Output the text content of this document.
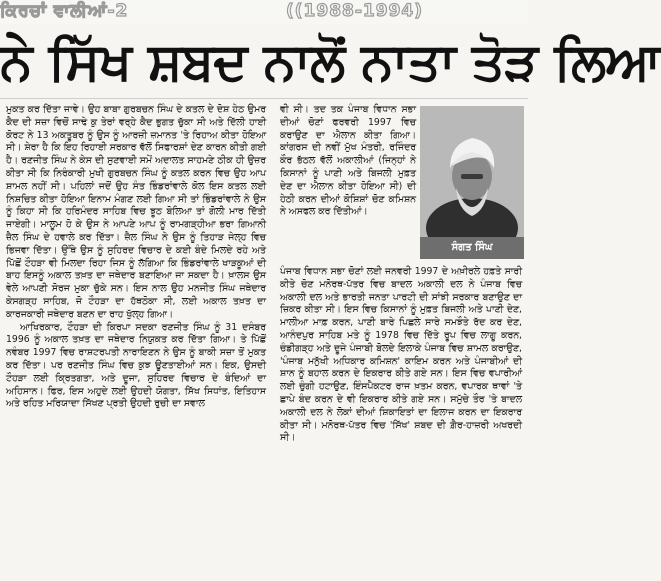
ਕਿਰਚਾਂ ਵਾਲੀਆਂ-2	((1988-1994)
ਨੇ ਸਿੱਖ ਸ਼ਬਦ ਨਾਲੋਂ ਨਾਤਾ ਤੋੜ ਲਿਆ

ਮੁਕਤ ਕਰ ਦਿੱਤਾ ਜਾਵੇ। ਉਹ ਬਾਬਾ ਗੁਰਬਚਨ ਸਿੰਘ ਦੇ ਕਤਲ ਦੇ ਦੋਸ਼ ਹੇਠ ਉਮਰ ਕੈਦ ਦੀ ਸਜ਼ਾ ਵਿਚੋਂ ਸਾਢੇ ਕੁ ਤੇਰਾਂ ਵਰ੍ਹੇ ਕੈਦ ਭੁਗਤ ਚੁੱਕਾ ਸੀ ਅਤੇ ਦਿੱਲੀ ਹਾਈ ਕੋਰਟ ਨੇ 13 ਅਕਤੂਬਰ ਨੂੰ ਉਸ ਨੂੰ ਆਰਜ਼ੀ ਜ਼ਮਾਨਤ 'ਤੇ ਰਿਹਾਅ ਕੀਤਾ ਹੋਇਆ ਸੀ। ਸ਼ੇਰਾ ਹੈ ਕਿ ਇਹ ਰਿਹਾਈ ਸਰਕਾਰ ਵੱਲੋਂ ਸਿਫਾਰਸ਼ਾਂ ਦੇਣ ਕਾਰਨ ਕੀਤੀ ਗਈ ਹੈ। ਰਣਜੀਤ ਸਿੰਘ ਨੇ ਕੇਸ ਦੀ ਸੁਣਵਾਈ ਸਮੇਂ ਅਦਾਲਤ ਸਾਹਮਣੇ ਠੀਕ ਹੀ ਉਜ਼ਰ ਕੀਤਾ ਸੀ ਕਿ ਨਿਰੰਕਾਰੀ ਮੁਖੀ ਗੁਰਬਚਨ ਸਿੰਘ ਨੂੰ ਕਤਲ ਕਰਨ ਵਿਚ ਉਹ ਆਪ ਸ਼ਾਮਲ ਨਹੀਂ ਸੀ। ਪਹਿਲਾਂ ਜਦੋਂ ਉਹ ਸੰਤ ਭਿੰਡਰਾਂਵਾਲੇ ਕੋਲ ਇਸ ਕਤਲ ਲਈ ਨਿਸ਼ਚਿਤ ਕੀਤਾ ਹੋਇਆ ਇਨਾਮ ਮੰਗਣ ਲਈ ਗਿਆ ਸੀ ਤਾਂ ਭਿੰਡਰਾਂਵਾਲੇ ਨੇ ਉਸ ਨੂੰ ਕਿਹਾ ਸੀ ਕਿ ਹਰਿਮੰਦਰ ਸਾਹਿਬ ਵਿਚ ਝੂਠ ਬੋਲਿਆ ਤਾਂ ਗੋਲੀ ਮਾਰ ਦਿੱਤੀ ਜਾਏਗੀ। ਮਾਲੂਮ ਹੋ ਕੇ ਉਸ ਨੇ ਆਪਣੇ ਆਪ ਨੂੰ ਰਾਮਗੜ੍ਹੀਆ ਭਰਾ ਗਿਆਨੀ ਜ਼ੈਲ ਸਿੰਘ ਦੇ ਹਵਾਲੇ ਕਰ ਦਿੱਤਾ। ਜ਼ੈਲ ਸਿੰਘ ਨੇ ਉਸ ਨੂੰ ਤਿਹਾੜ ਜੇਲ੍ਹ ਵਿਚ ਭਿਜਵਾ ਦਿੱਤਾ। ਉੱਥੇ ਉਸ ਨੂੰ ਸੁਹਿਰਦ ਵਿਚਾਰ ਦੇ ਕਈ ਬੰਦੇ ਮਿਲਦੇ ਰਹੇ ਅਤੇ ਪਿੱਛੋਂ ਟੌਹੜਾ ਵੀ ਮਿਲਦਾ ਰਿਹਾ ਜਿਸ ਨੂੰ ਲੱਗਿਆ ਕਿ ਭਿੰਡਰਾਂਵਾਲੇ ਖਾੜਕੂਆਂ ਦੀ ਬਾਹ ਇਸਨੂੰ ਅਕਾਲ ਤਖ਼ਤ ਦਾ ਜਥੇਦਾਰ ਬਣਾਇਆ ਜਾ ਸਕਦਾ ਹੈ। ਖ਼ਾਲਸ ਉਸ ਵੇਲੇ ਆਪਣੀ ਸੋਰਜ ਮੁਕਾ ਚੁੱਕੇ ਸਨ। ਇਸ ਨਾਲ ਉਹ ਮਨਜੀਤ ਸਿੰਘ ਜਥੇਦਾਰ ਕੇਸਗੜ੍ਹ ਸਾਹਿਬ, ਜੋ ਟੌਹੜਾ ਦਾ ਹੱਥਠੋਕਾ ਸੀ, ਲਈ ਅਕਾਲ ਤਖ਼ਤ ਦਾ ਕਾਰਜਕਾਰੀ ਜਥੇਦਾਰ ਬਣਨ ਦਾ ਰਾਹ ਖੁੱਲ੍ਹ ਗਿਆ।

ਆਖਿਰਕਾਰ, ਟੌਹੜਾ ਦੀ ਕਿਰਪਾ ਸਦਕਾ ਰਣਜੀਤ ਸਿੰਘ ਨੂੰ 31 ਦਸੰਬਰ 1996 ਨੂੰ ਅਕਾਲ ਤਖ਼ਤ ਦਾ ਜਥੇਦਾਰ ਨਿਯੁਕਤ ਕਰ ਦਿੱਤਾ ਗਿਆ। ਤੇ ਪਿੱਛੋਂ ਨਵੰਬਰ 1997 ਵਿਚ ਰਾਸ਼ਟਰਪਤੀ ਨਾਰਾਇਣਨ ਨੇ ਉਸ ਨੂੰ ਬਾਕੀ ਸਜ਼ਾ ਤੋਂ ਮੁਕਤ ਕਰ ਦਿੱਤਾ। ਪਰ ਰਣਜੀਤ ਸਿੰਘ ਵਿਚ ਕੁਝ ਊਣਤਾਈਆਂ ਸਨ। ਇਕ, ਉਸਦੀ ਟੌਹੜਾ ਲਈ ਕ੍ਰਿਤਗਤਾ, ਅਤੇ ਦੂਜਾ, ਸੁਹਿਰਦ ਵਿਚਾਰ ਦੇ ਬੰਦਿਆਂ ਦਾ ਅਹਿਸਾਨ। ਫਿਰ, ਇਸ ਅਹੁਦੇ ਲਈ ਉਹਦੀ ਯੋਗਤਾ, ਸਿੱਖ ਸਿਧਾਂਤ, ਇਤਿਹਾਸ ਅਤੇ ਰਹਿਤ ਮਰਿਯਾਦਾ ਸਿੱਖਣ ਪ੍ਰਤੀ ਉਹਦੀ ਰੁਚੀ ਦਾ ਸਵਾਲ

ਵੀ ਸੀ। ਤਦ ਤਕ ਪੰਜਾਬ ਵਿਧਾਨ ਸਭਾ ਦੀਆਂ ਚੋਣਾਂ ਫਰਵਰੀ 1997 ਵਿਚ ਕਰਾਉਣ ਦਾ ਐਲਾਨ ਕੀਤਾ ਗਿਆ। ਕਾਂਗਰਸ ਦੀ ਨਵੀਂ ਮੁੱਖ ਮੰਤਰੀ, ਰਜਿੰਦਰ ਕੌਰ ਭੱਠਲ ਵੱਲੋਂ ਅਕਾਲੀਆਂ (ਜਿਨ੍ਹਾਂ ਨੇ ਕਿਸਾਨਾਂ ਨੂੰ ਪਾਣੀ ਅਤੇ ਬਿਜਲੀ ਮੁਫ਼ਤ ਦੇਣ ਦਾ ਐਲਾਨ ਕੀਤਾ ਹੋਇਆ ਸੀ) ਦੀ ਹੇਠੀ ਕਰਨ ਦੀਆਂ ਕੋਸ਼ਿਸ਼ਾਂ ਚੋਣ ਕਮਿਸ਼ਨ ਨੇ ਅਸਫਲ ਕਰ ਦਿੱਤੀਆਂ।

ਸੰਗਤ ਸਿੰਘ

ਪੰਜਾਬ ਵਿਧਾਨ ਸਭਾ ਚੋਣਾਂ ਲਈ ਜਨਵਰੀ 1997 ਦੇ ਅਖ਼ੀਰਲੇ ਹਫ਼ਤੇ ਸਾਰੀ ਕੀਤੇ ਚੋਣ ਮਨੋਰਥ-ਪੱਤਰ ਵਿਚ ਬਾਦਲ ਅਕਾਲੀ ਦਲ ਨੇ ਪੰਜਾਬ ਵਿਚ ਅਕਾਲੀ ਦਲ ਅਤੇ ਭਾਰਤੀ ਜਨਤਾ ਪਾਰਟੀ ਦੀ ਸਾਂਝੀ ਸਰਕਾਰ ਬਣਾਉਣ ਦਾ ਜ਼ਿਕਰ ਕੀਤਾ ਸੀ। ਇਸ ਵਿਚ ਕਿਸਾਨਾਂ ਨੂੰ ਮੁਫ਼ਤ ਬਿਜਲੀ ਅਤੇ ਪਾਣੀ ਦੇਣ, ਮਾਲੀਆ ਮਾਫ਼ ਕਰਨ, ਪਾਣੀ ਬਾਰੇ ਪਿਛਲੇ ਸਾਰੇ ਸਮਝੌਤੇ ਰੱਦ ਕਰ ਦੇਣ, ਆਨੰਦਪੁਰ ਸਾਹਿਬ ਮਤੇ ਨੂੰ 1978 ਵਿਚ ਦਿੱਤੇ ਰੂਪ ਵਿਚ ਲਾਗੂ ਕਰਨ, ਚੰਡੀਗੜ੍ਹ ਅਤੇ ਦੂਜੇ ਪੰਜਾਬੀ ਬੋਲਦੇ ਇਲਾਕੇ ਪੰਜਾਬ ਵਿਚ ਸ਼ਾਮਲ ਕਰਾਉਣ, 'ਪੰਜਾਬ ਮਨੁੱਖੀ ਅਧਿਕਾਰ ਕਮਿਸ਼ਨ' ਕਾਇਮ ਕਰਨ ਅਤੇ ਪੰਜਾਬੀਆਂ ਦੀ ਸ਼ਾਨ ਨੂੰ ਬਹਾਲ ਕਰਨ ਦੇ ਇਕਰਾਰ ਕੀਤੇ ਗਏ ਸਨ। ਇਸ ਵਿਚ ਵਪਾਰੀਆਂ ਲਈ ਚੁੰਗੀ ਹਟਾਉਣ, ਇੰਸਪੈਕਟਰ ਰਾਜ ਖ਼ਤਮ ਕਰਨ, ਵਪਾਰਕ ਥਾਵਾਂ 'ਤੇ ਛਾਪੇ ਬੰਦ ਕਰਨ ਦੇ ਵੀ ਇਕਰਾਰ ਕੀਤੇ ਗਏ ਸਨ। ਸਮੁੱਚੇ ਤੌਰ 'ਤੇ ਬਾਦਲ ਅਕਾਲੀ ਦਲ ਨੇ ਲੋਕਾਂ ਦੀਆਂ ਸ਼ਿਕਾਇਤਾਂ ਦਾ ਇਲਾਜ ਕਰਨ ਦਾ ਇਕਰਾਰ ਕੀਤਾ ਸੀ। ਮਨੋਰਥ-ਪੱਤਰ ਵਿਚ 'ਸਿੱਖ' ਸ਼ਬਦ ਦੀ ਗ਼ੈਰ-ਹਾਜ਼ਰੀ ਅਖਰਦੀ ਸੀ।
